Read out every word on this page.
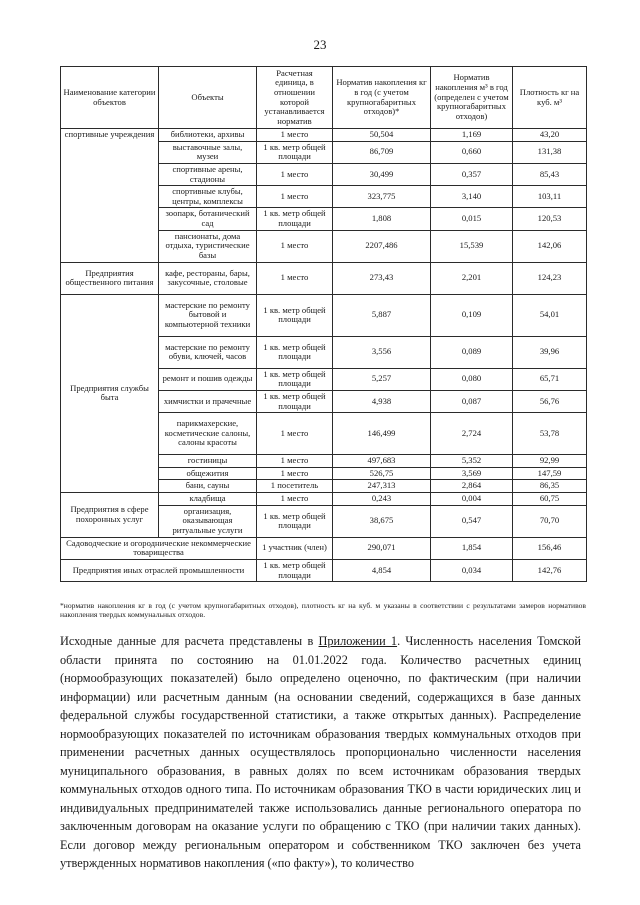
23
Наименование категории объектов	Объекты	Расчетная единица, в отношении которой устанавливается норматив	Норматив накопления кг в год (с учетом крупногабаритных отходов)*	Норматив накопления м³ в год (определен с учетом крупногабаритных отходов)	Плотность кг на куб. м³
спортивные учреждения	библиотеки, архивы	1 место	50,504	1,169	43,20
	выставочные залы, музеи	1 кв. метр общей площади	86,709	0,660	131,38
	спортивные арены, стадионы	1 место	30,499	0,357	85,43
	спортивные клубы, центры, комплексы	1 место	323,775	3,140	103,11
	зоопарк, ботанический сад	1 кв. метр общей площади	1,808	0,015	120,53
	пансионаты, дома отдыха, туристические базы	1 место	2207,486	15,539	142,06
Предприятия общественного питания	кафе, рестораны, бары, закусочные, столовые	1 место	273,43	2,201	124,23
Предприятия службы быта	мастерские по ремонту бытовой и компьютерной техники	1 кв. метр общей площади	5,887	0,109	54,01
	мастерские по ремонту обуви, ключей, часов	1 кв. метр общей площади	3,556	0,089	39,96
	ремонт и пошив одежды	1 кв. метр общей площади	5,257	0,080	65,71
	химчистки и прачечные	1 кв. метр общей площади	4,938	0,087	56,76
	парикмахерские, косметические салоны, салоны красоты	1 место	146,499	2,724	53,78
	гостиницы	1 место	497,683	5,352	92,99
	общежития	1 место	526,75	3,569	147,59
	бани, сауны	1 посетитель	247,313	2,864	86,35
Предприятия в сфере похоронных услуг	кладбища	1 место	0,243	0,004	60,75
	организация, оказывающая ритуальные услуги	1 кв. метр общей площади	38,675	0,547	70,70
Садоводческие и огороднические некоммерческие товарищества		1 участник (член)	290,071	1,854	156,46
Предприятия иных отраслей промышленности		1 кв. метр общей площади	4,854	0,034	142,76
*норматив накопления кг в год (с учетом крупногабаритных отходов), плотность кг на куб. м указаны в соответствии с результатами замеров нормативов накопления твердых коммунальных отходов.

Исходные данные для расчета представлены в Приложении 1. Численность населения Томской области принята по состоянию на 01.01.2022 года. Количество расчетных единиц (нормообразующих показателей) было определено оценочно, по фактическим (при наличии информации) или расчетным данным (на основании сведений, содержащихся в базе данных федеральной службы государственной статистики, а также открытых данных). Распределение нормообразующих показателей по источникам образования твердых коммунальных отходов при применении расчетных данных осуществлялось пропорционально численности населения муниципального образования, в равных долях по всем источникам образования твердых коммунальных отходов одного типа. По источникам образования ТКО в части юридических лиц и индивидуальных предпринимателей также использовались данные регионального оператора по заключенным договорам на оказание услуги по обращению с ТКО (при наличии таких данных). Если договор между региональным оператором и собственником ТКО заключен без учета утвержденных нормативов накопления («по факту»), то количество
